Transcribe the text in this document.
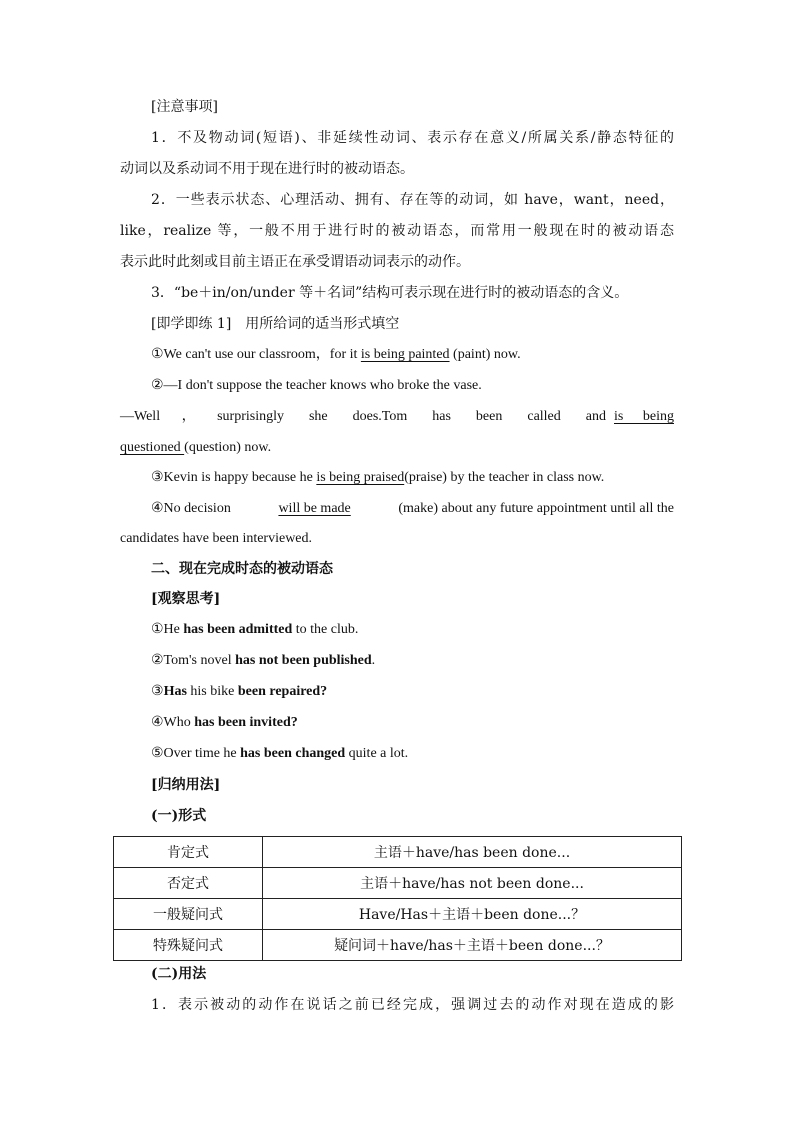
[注意事项]
1．不及物动词(短语)、非延续性动词、表示存在意义/所属关系/静态特征的
动词以及系动词不用于现在进行时的被动语态。
2．一些表示状态、心理活动、拥有、存在等的动词，如 have，want，need，
like，realize 等，一般不用于进行时的被动语态，而常用一般现在时的被动语态
表示此时此刻或目前主语正在承受谓语动词表示的动作。
3．“be＋in/on/under 等＋名词”结构可表示现在进行时的被动语态的含义。
[即学即练 1]　用所给词的适当形式填空
①We can't use our classroom，for it is being painted (paint) now.
②—I don't suppose the teacher knows who broke the vase.
—Well，surprisingly she does.Tom has been called and is being
questioned (question) now.
③Kevin is happy because he is being praised(praise) by the teacher in class now.
④No decision	will be made	(make) about any future appointment until all the
candidates have been interviewed.
二、现在完成时态的被动语态
[观察思考]
①He has been admitted to the club.
②Tom's novel has not been published.
③Has his bike been repaired?
④Who has been invited?
⑤Over time he has been changed quite a lot.
[归纳用法]
(一)形式
肯定式	主语＋have/has been done...
否定式	主语＋have/has not been done...
一般疑问式	Have/Has＋主语＋been done...？
特殊疑问式	疑问词＋have/has＋主语＋been done...？
(二)用法
1．表示被动的动作在说话之前已经完成，强调过去的动作对现在造成的影
